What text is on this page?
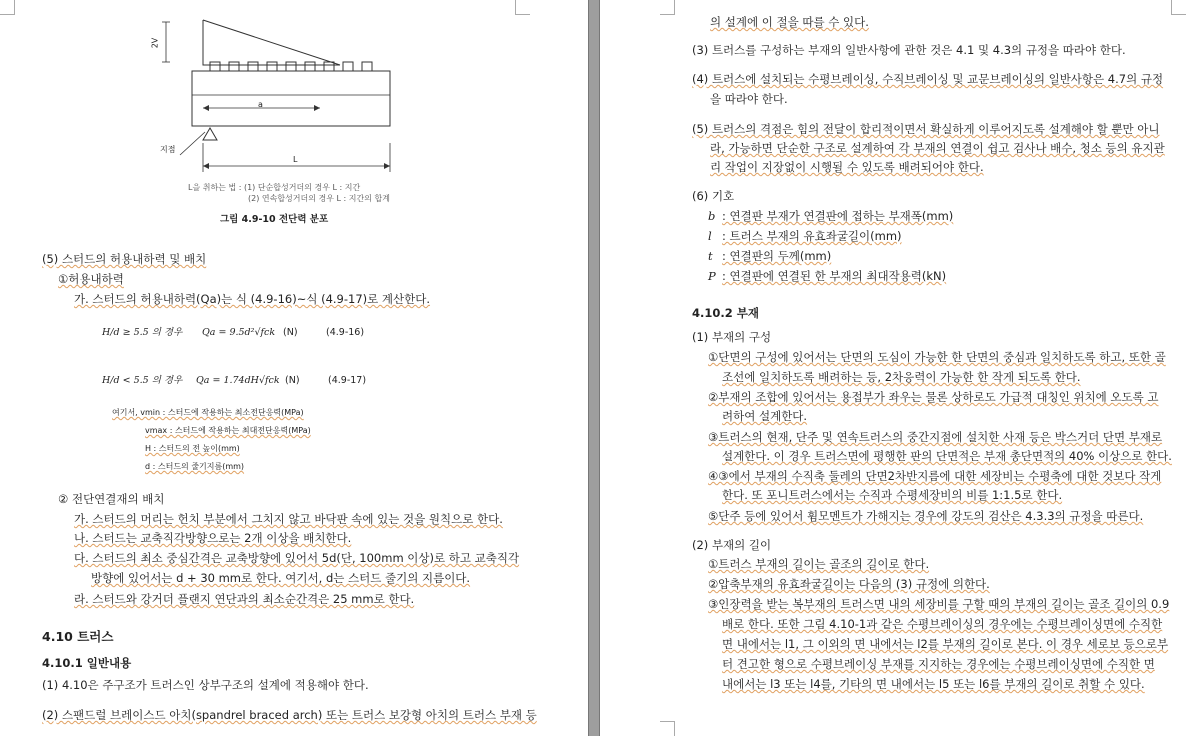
2V
a
지점
L
L을 취하는 법 : (1) 단순합성거더의 경우 L : 지간
(2) 연속합성거더의 경우 L : 지간의 합계
그림 4.9-10 전단력 분포
(5) 스터드의 허용내하력 및 배치
①허용내하력
가. 스터드의 허용내하력(Qa)는 식 (4.9-16)~식 (4.9-17)로 계산한다.
H/d ≥ 5.5 의 경우 Qa = 9.5d²√fck (N)	(4.9-16)
H/d < 5.5 의 경우 Qa = 1.74dH√fck (N)	(4.9-17)
여기서, vmin : 스터드에 작용하는 최소전단응력(MPa)
vmax : 스터드에 작용하는 최대전단응력(MPa)
H : 스터드의 전 높이(mm)
d : 스터드의 줄기지름(mm)
② 전단연결재의 배치
가. 스터드의 머리는 헌치 부분에서 그치지 않고 바닥판 속에 있는 것을 원칙으로 한다.
나. 스터드는 교축직각방향으로는 2개 이상을 배치한다.
다. 스터드의 최소 중심간격은 교축방향에 있어서 5d(단, 100mm 이상)로 하고 교축직각
방향에 있어서는 d + 30 mm로 한다. 여기서, d는 스터드 줄기의 지름이다.
라. 스터드와 강거더 플랜지 연단과의 최소순간격은 25 mm로 한다.
4.10 트러스
4.10.1 일반내용
(1) 4.10은 주구조가 트러스인 상부구조의 설계에 적용해야 한다.
(2) 스팬드럴 브레이스드 아치(spandrel braced arch) 또는 트러스 보강형 아치의 트러스 부재 등
의 설계에 이 절을 따를 수 있다.
(3) 트러스를 구성하는 부재의 일반사항에 관한 것은 4.1 및 4.3의 규정을 따라야 한다.
(4) 트러스에 설치되는 수평브레이싱, 수직브레이싱 및 교문브레이싱의 일반사항은 4.7의 규정
을 따라야 한다.
(5) 트러스의 격점은 힘의 전달이 합리적이면서 확실하게 이루어지도록 설계해야 할 뿐만 아니
라, 가능하면 단순한 구조로 설계하여 각 부재의 연결이 쉽고 검사나 배수, 청소 등의 유지관
리 작업이 지장없이 시행될 수 있도록 배려되어야 한다.
(6) 기호
b : 연결판 부재가 연결판에 접하는 부재폭(mm)
l : 트러스 부재의 유효좌굴길이(mm)
t : 연결판의 두께(mm)
P : 연결판에 연결된 한 부재의 최대작용력(kN)
4.10.2 부재
(1) 부재의 구성
①단면의 구성에 있어서는 단면의 도심이 가능한 한 단면의 중심과 일치하도록 하고, 또한 골
조선에 일치하도록 배려하는 등, 2차응력이 가능한 한 작게 되도록 한다.
②부재의 조합에 있어서는 용접부가 좌우는 물론 상하로도 가급적 대칭인 위치에 오도록 고
려하여 설계한다.
③트러스의 현재, 단주 및 연속트러스의 중간지점에 설치한 사재 등은 박스거더 단면 부재로
설계한다. 이 경우 트러스면에 평행한 판의 단면적은 부재 총단면적의 40% 이상으로 한다.
④③에서 부재의 수직축 둘레의 단면2차반지름에 대한 세장비는 수평축에 대한 것보다 작게
한다. 또 포니트러스에서는 수직과 수평세장비의 비를 1:1.5로 한다.
⑤단주 등에 있어서 휨모멘트가 가해지는 경우에 강도의 검산은 4.3.3의 규정을 따른다.
(2) 부재의 길이
①트러스 부재의 길이는 골조의 길이로 한다.
②압축부재의 유효좌굴길이는 다음의 (3) 규정에 의한다.
③인장력을 받는 복부재의 트러스면 내의 세장비를 구할 때의 부재의 길이는 골조 길이의 0.9
배로 한다. 또한 그림 4.10-1과 같은 수평브레이싱의 경우에는 수평브레이싱면에 수직한
면 내에서는 l1, 그 이외의 면 내에서는 l2를 부재의 길이로 본다. 이 경우 세로보 등으로부
터 견고한 형으로 수평브레이싱 부재를 지지하는 경우에는 수평브레이싱면에 수직한 면
내에서는 l3 또는 l4를, 기타의 면 내에서는 l5 또는 l6를 부재의 길이로 취할 수 있다.
